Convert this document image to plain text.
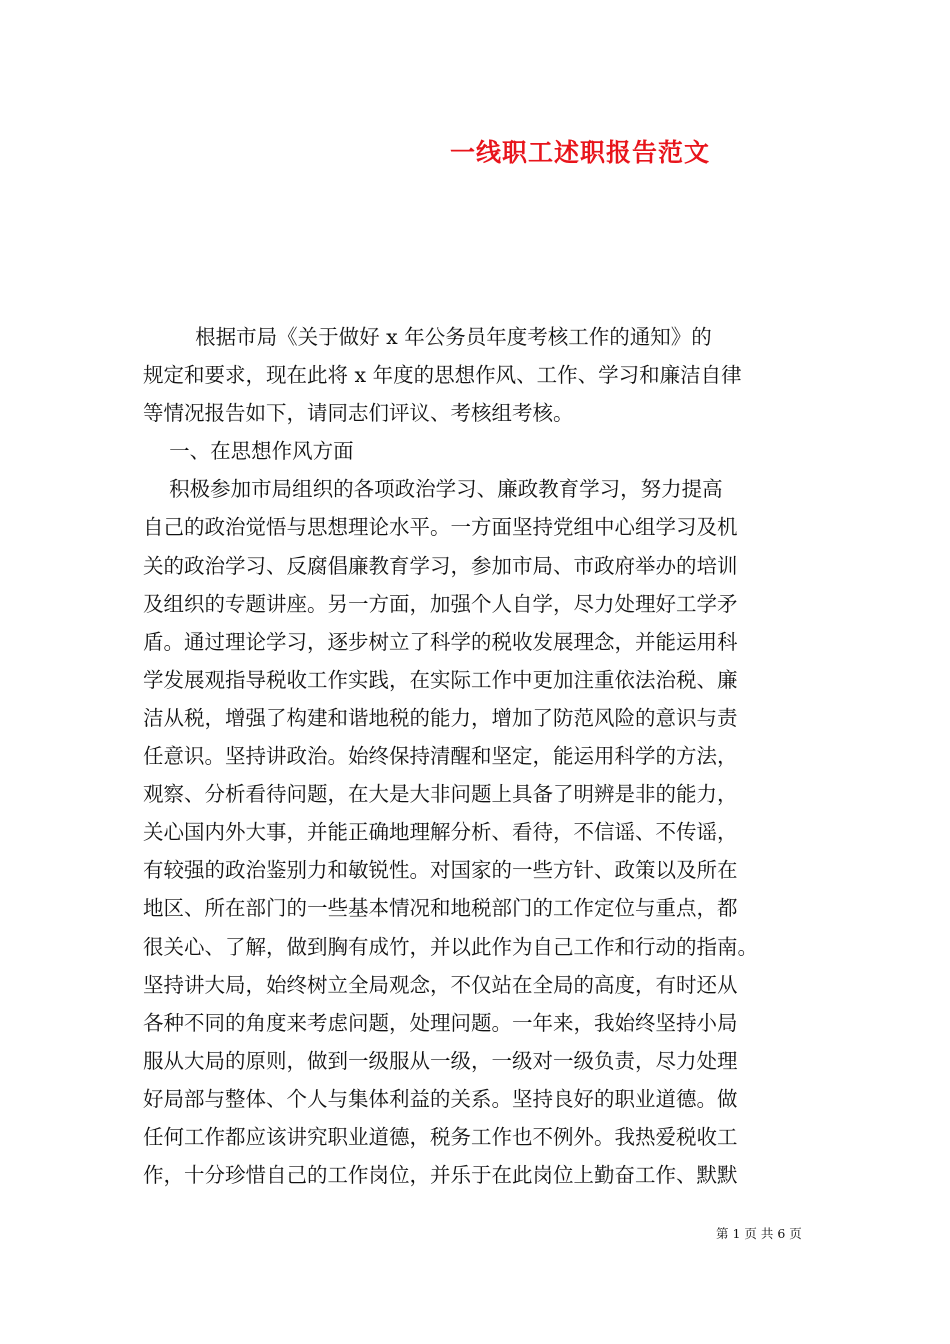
一线职工述职报告范文
根据市局《关于做好 x 年公务员年度考核工作的通知》的
规定和要求，现在此将 x 年度的思想作风、工作、学习和廉洁自律
等情况报告如下，请同志们评议、考核组考核。
一、在思想作风方面
积极参加市局组织的各项政治学习、廉政教育学习，努力提高
自己的政治觉悟与思想理论水平。一方面坚持党组中心组学习及机
关的政治学习、反腐倡廉教育学习，参加市局、市政府举办的培训
及组织的专题讲座。另一方面，加强个人自学，尽力处理好工学矛
盾。通过理论学习，逐步树立了科学的税收发展理念，并能运用科
学发展观指导税收工作实践，在实际工作中更加注重依法治税、廉
洁从税，增强了构建和谐地税的能力，增加了防范风险的意识与责
任意识。坚持讲政治。始终保持清醒和坚定，能运用科学的方法，
观察、分析看待问题，在大是大非问题上具备了明辨是非的能力，
关心国内外大事，并能正确地理解分析、看待，不信谣、不传谣，
有较强的政治鉴别力和敏锐性。对国家的一些方针、政策以及所在
地区、所在部门的一些基本情况和地税部门的工作定位与重点，都
很关心、了解，做到胸有成竹，并以此作为自己工作和行动的指南。
坚持讲大局，始终树立全局观念，不仅站在全局的高度，有时还从
各种不同的角度来考虑问题，处理问题。一年来，我始终坚持小局
服从大局的原则，做到一级服从一级，一级对一级负责，尽力处理
好局部与整体、个人与集体利益的关系。坚持良好的职业道德。做
任何工作都应该讲究职业道德，税务工作也不例外。我热爱税收工
作，十分珍惜自己的工作岗位，并乐于在此岗位上勤奋工作、默默
第 1 页 共 6 页
